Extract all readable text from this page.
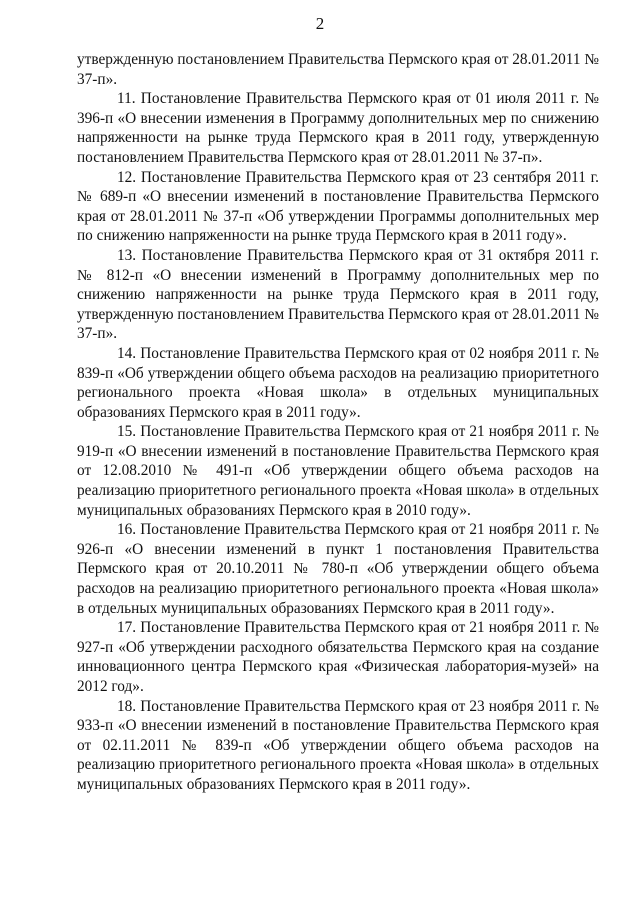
2

утвержденную постановлением Правительства Пермского края от 28.01.2011 № 37-п».

11. Постановление Правительства Пермского края от 01 июля 2011 г. № 396-п «О внесении изменения в Программу дополнительных мер по снижению напряженности на рынке труда Пермского края в 2011 году, утвержденную постановлением Правительства Пермского края от 28.01.2011 № 37-п».

12. Постановление Правительства Пермского края от 23 сентября 2011 г. № 689-п «О внесении изменений в постановление Правительства Пермского края от 28.01.2011 № 37-п «Об утверждении Программы дополнительных мер по снижению напряженности на рынке труда Пермского края в 2011 году».

13. Постановление Правительства Пермского края от 31 октября 2011 г. № 812-п «О внесении изменений в Программу дополнительных мер по снижению напряженности на рынке труда Пермского края в 2011 году, утвержденную постановлением Правительства Пермского края от 28.01.2011 № 37-п».

14. Постановление Правительства Пермского края от 02 ноября 2011 г. № 839-п «Об утверждении общего объема расходов на реализацию приоритетного регионального проекта «Новая школа» в отдельных муниципальных образованиях Пермского края в 2011 году».

15. Постановление Правительства Пермского края от 21 ноября 2011 г. № 919-п «О внесении изменений в постановление Правительства Пермского края от 12.08.2010 № 491-п «Об утверждении общего объема расходов на реализацию приоритетного регионального проекта «Новая школа» в отдельных муниципальных образованиях Пермского края в 2010 году».

16. Постановление Правительства Пермского края от 21 ноября 2011 г. № 926-п «О внесении изменений в пункт 1 постановления Правительства Пермского края от 20.10.2011 № 780-п «Об утверждении общего объема расходов на реализацию приоритетного регионального проекта «Новая школа» в отдельных муниципальных образованиях Пермского края в 2011 году».

17. Постановление Правительства Пермского края от 21 ноября 2011 г. № 927-п «Об утверждении расходного обязательства Пермского края на создание инновационного центра Пермского края «Физическая лаборатория-музей» на 2012 год».

18. Постановление Правительства Пермского края от 23 ноября 2011 г. № 933-п «О внесении изменений в постановление Правительства Пермского края от 02.11.2011 № 839-п «Об утверждении общего объема расходов на реализацию приоритетного регионального проекта «Новая школа» в отдельных муниципальных образованиях Пермского края в 2011 году».
